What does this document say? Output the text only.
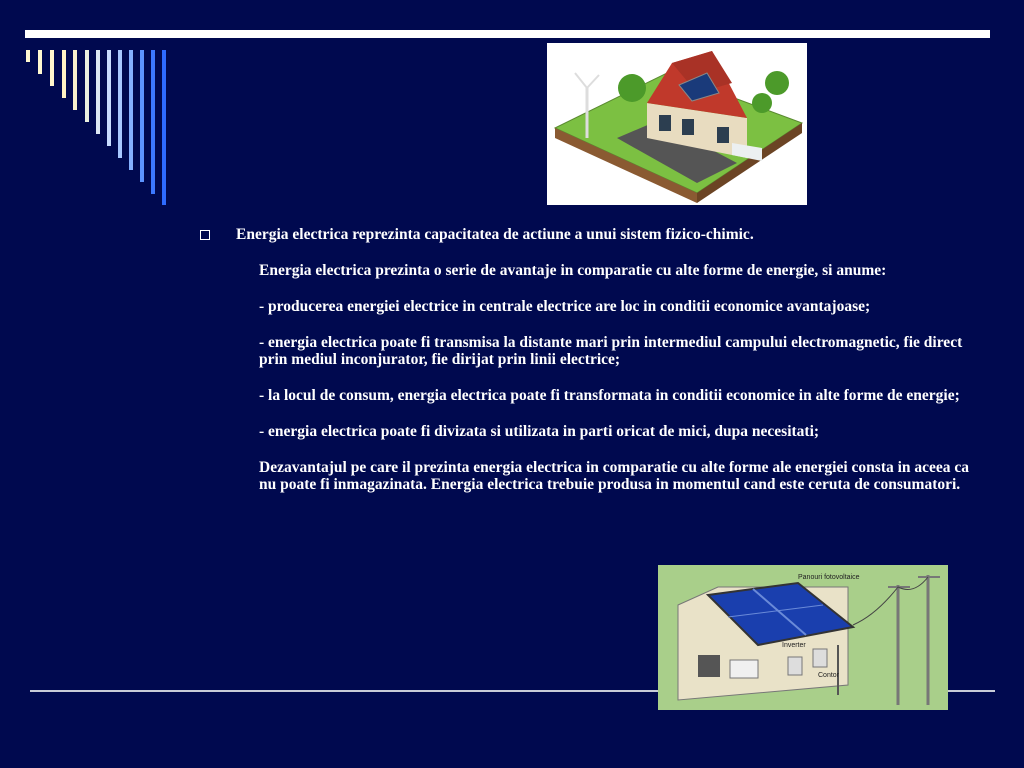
Energia electrica reprezinta capacitatea de actiune a unui sistem fizico-chimic.

Energia electrica prezinta o serie de avantaje in comparatie cu alte forme de energie, si anume:

- producerea energiei electrice in centrale electrice are loc in conditii economice avantajoase;

- energia electrica poate fi transmisa la distante mari prin intermediul campului electromagnetic, fie direct prin mediul inconjurator, fie dirijat prin linii electrice;

- la locul de consum, energia electrica poate fi transformata in conditii economice in alte forme de energie;

- energia electrica poate fi divizata si utilizata in parti oricat de mici, dupa necesitati;

Dezavantajul pe care il prezinta energia electrica in comparatie cu alte forme ale energiei consta in aceea ca nu poate fi inmagazinata. Energia electrica trebuie produsa in momentul cand este ceruta de consumatori.

Panouri fotovoltaice
Inverter
Contor
